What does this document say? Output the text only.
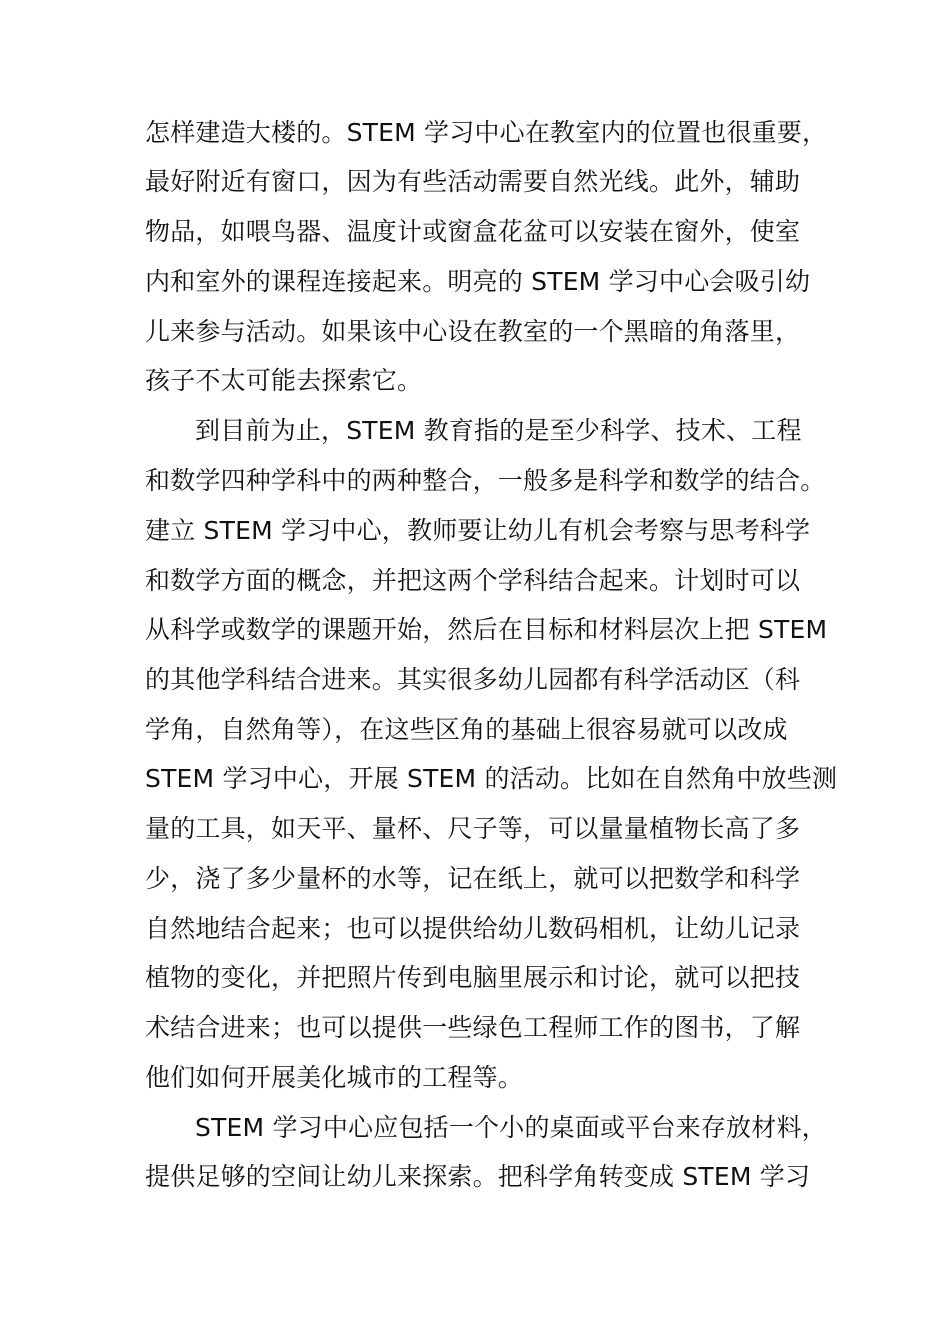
怎样建造大楼的。STEM 学习中心在教室内的位置也很重要，
最好附近有窗口，因为有些活动需要自然光线。此外，辅助
物品，如喂鸟器、温度计或窗盒花盆可以安装在窗外，使室
内和室外的课程连接起来。明亮的 STEM 学习中心会吸引幼
儿来参与活动。如果该中心设在教室的一个黑暗的角落里，
孩子不太可能去探索它。
到目前为止，STEM 教育指的是至少科学、技术、工程
和数学四种学科中的两种整合，一般多是科学和数学的结合。
建立 STEM 学习中心，教师要让幼儿有机会考察与思考科学
和数学方面的概念，并把这两个学科结合起来。计划时可以
从科学或数学的课题开始，然后在目标和材料层次上把 STEM
的其他学科结合进来。其实很多幼儿园都有科学活动区（科
学角，自然角等），在这些区角的基础上很容易就可以改成
STEM 学习中心，开展 STEM 的活动。比如在自然角中放些测
量的工具，如天平、量杯、尺子等，可以量量植物长高了多
少，浇了多少量杯的水等，记在纸上，就可以把数学和科学
自然地结合起来；也可以提供给幼儿数码相机，让幼儿记录
植物的变化，并把照片传到电脑里展示和讨论，就可以把技
术结合进来；也可以提供一些绿色工程师工作的图书，了解
他们如何开展美化城市的工程等。
STEM 学习中心应包括一个小的桌面或平台来存放材料，
提供足够的空间让幼儿来探索。把科学角转变成 STEM 学习
